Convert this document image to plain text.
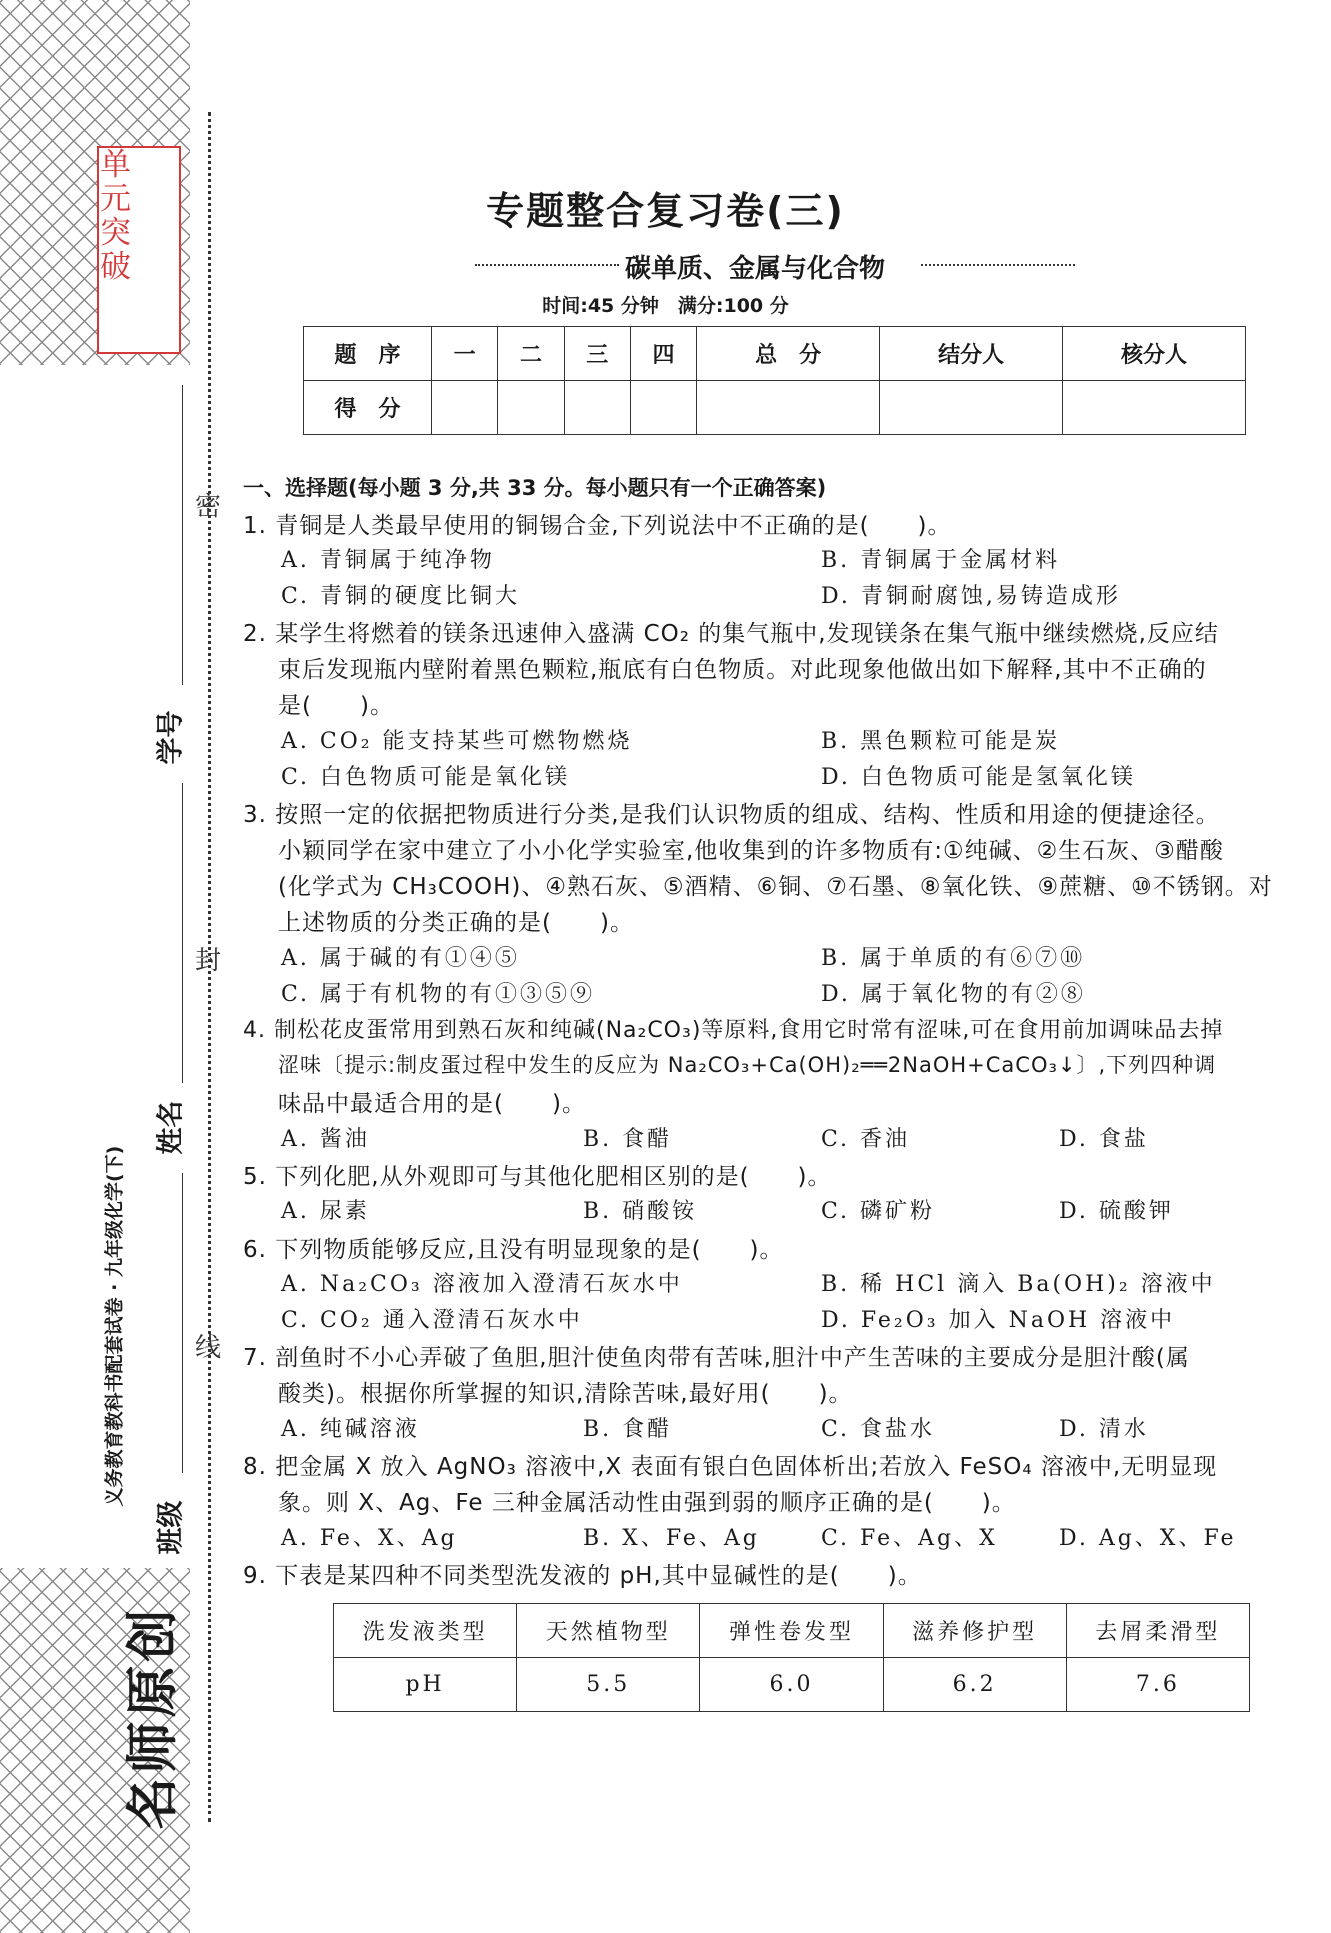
单元突破
学号
姓名
班级
密
封
线
义务教育教科书配套试卷 · 九年级化学(下)
名师原创
专题整合复习卷(三)
碳单质、金属与化合物
时间:45 分钟　满分:100 分
题　序	一	二	三	四	总　分	结分人	核分人
得　分							
一、选择题(每小题 3 分,共 33 分。每小题只有一个正确答案)
1. 青铜是人类最早使用的铜锡合金,下列说法中不正确的是(　　)。
A. 青铜属于纯净物	B. 青铜属于金属材料
C. 青铜的硬度比铜大	D. 青铜耐腐蚀,易铸造成形
2. 某学生将燃着的镁条迅速伸入盛满 CO₂ 的集气瓶中,发现镁条在集气瓶中继续燃烧,反应结
束后发现瓶内壁附着黑色颗粒,瓶底有白色物质。对此现象他做出如下解释,其中不正确的
是(　　)。
A. CO₂ 能支持某些可燃物燃烧	B. 黑色颗粒可能是炭
C. 白色物质可能是氧化镁	D. 白色物质可能是氢氧化镁
3. 按照一定的依据把物质进行分类,是我们认识物质的组成、结构、性质和用途的便捷途径。
小颖同学在家中建立了小小化学实验室,他收集到的许多物质有:①纯碱、②生石灰、③醋酸
(化学式为 CH₃COOH)、④熟石灰、⑤酒精、⑥铜、⑦石墨、⑧氧化铁、⑨蔗糖、⑩不锈钢。对
上述物质的分类正确的是(　　)。
A. 属于碱的有①④⑤	B. 属于单质的有⑥⑦⑩
C. 属于有机物的有①③⑤⑨	D. 属于氧化物的有②⑧
4. 制松花皮蛋常用到熟石灰和纯碱(Na₂CO₃)等原料,食用它时常有涩味,可在食用前加调味品去掉
涩味〔提示:制皮蛋过程中发生的反应为 Na₂CO₃+Ca(OH)₂══2NaOH+CaCO₃↓〕,下列四种调
味品中最适合用的是(　　)。
A. 酱油	B. 食醋	C. 香油	D. 食盐
5. 下列化肥,从外观即可与其他化肥相区别的是(　　)。
A. 尿素	B. 硝酸铵	C. 磷矿粉	D. 硫酸钾
6. 下列物质能够反应,且没有明显现象的是(　　)。
A. Na₂CO₃ 溶液加入澄清石灰水中	B. 稀 HCl 滴入 Ba(OH)₂ 溶液中
C. CO₂ 通入澄清石灰水中	D. Fe₂O₃ 加入 NaOH 溶液中
7. 剖鱼时不小心弄破了鱼胆,胆汁使鱼肉带有苦味,胆汁中产生苦味的主要成分是胆汁酸(属
酸类)。根据你所掌握的知识,清除苦味,最好用(　　)。
A. 纯碱溶液	B. 食醋	C. 食盐水	D. 清水
8. 把金属 X 放入 AgNO₃ 溶液中,X 表面有银白色固体析出;若放入 FeSO₄ 溶液中,无明显现
象。则 X、Ag、Fe 三种金属活动性由强到弱的顺序正确的是(　　)。
A. Fe、X、Ag	B. X、Fe、Ag	C. Fe、Ag、X	D. Ag、X、Fe
9. 下表是某四种不同类型洗发液的 pH,其中显碱性的是(　　)。
洗发液类型	天然植物型	弹性卷发型	滋养修护型	去屑柔滑型
pH	5.5	6.0	6.2	7.6
